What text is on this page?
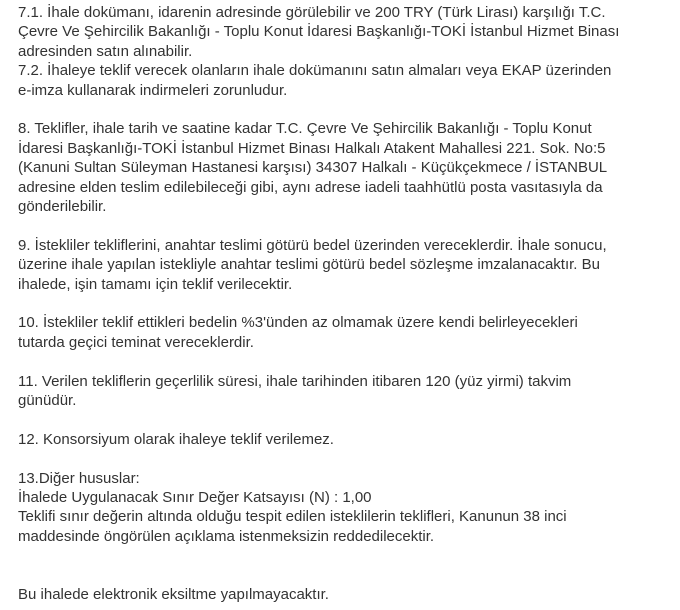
7.1. İhale dokümanı, idarenin adresinde görülebilir ve 200 TRY (Türk Lirası) karşılığı T.C.
Çevre Ve Şehircilik Bakanlığı - Toplu Konut İdaresi Başkanlığı-TOKİ İstanbul Hizmet Binası
adresinden satın alınabilir.
7.2. İhaleye teklif verecek olanların ihale dokümanını satın almaları veya EKAP üzerinden
e-imza kullanarak indirmeleri zorunludur.
8. Teklifler, ihale tarih ve saatine kadar T.C. Çevre Ve Şehircilik Bakanlığı - Toplu Konut
İdaresi Başkanlığı-TOKİ İstanbul Hizmet Binası Halkalı Atakent Mahallesi 221. Sok. No:5
(Kanuni Sultan Süleyman Hastanesi karşısı) 34307 Halkalı - Küçükçekmece / İSTANBUL
adresine elden teslim edilebileceği gibi, aynı adrese iadeli taahhütlü posta vasıtasıyla da
gönderilebilir.
9. İstekliler tekliflerini, anahtar teslimi götürü bedel üzerinden vereceklerdir. İhale sonucu,
üzerine ihale yapılan istekliyle anahtar teslimi götürü bedel sözleşme imzalanacaktır. Bu
ihalede, işin tamamı için teklif verilecektir.
10. İstekliler teklif ettikleri bedelin %3'ünden az olmamak üzere kendi belirleyecekleri
tutarda geçici teminat vereceklerdir.
11. Verilen tekliflerin geçerlilik süresi, ihale tarihinden itibaren 120 (yüz yirmi) takvim
günüdür.
12. Konsorsiyum olarak ihaleye teklif verilemez.
13.Diğer hususlar:
İhalede Uygulanacak Sınır Değer Katsayısı (N) : 1,00
Teklifi sınır değerin altında olduğu tespit edilen isteklilerin teklifleri, Kanunun 38 inci
maddesinde öngörülen açıklama istenmeksizin reddedilecektir.
Bu ihalede elektronik eksiltme yapılmayacaktır.
